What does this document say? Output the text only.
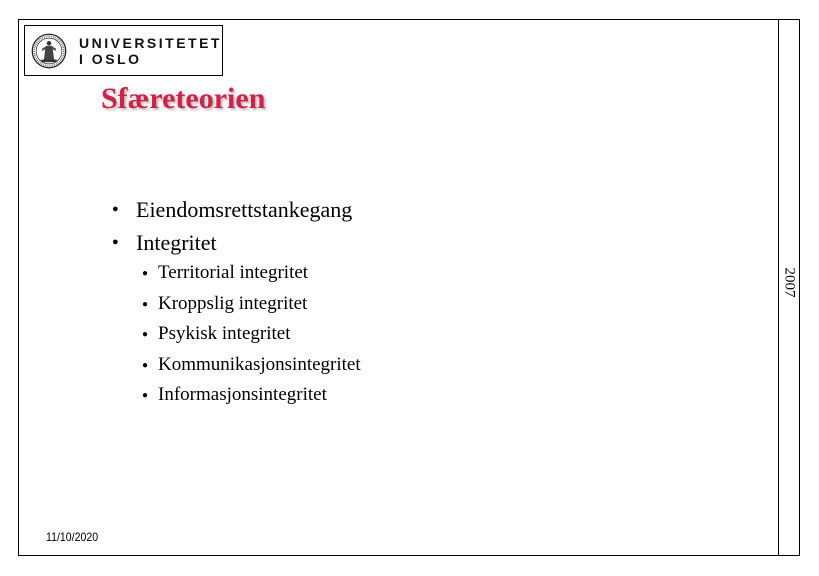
UNIVERSITETET
I OSLO
Sfæreteorien
● Eiendomsrettstankegang
● Integritet
● Territorial integritet
● Kroppslig integritet
● Psykisk integritet
● Kommunikasjonsintegritet
● Informasjonsintegritet
2007
11/10/2020
